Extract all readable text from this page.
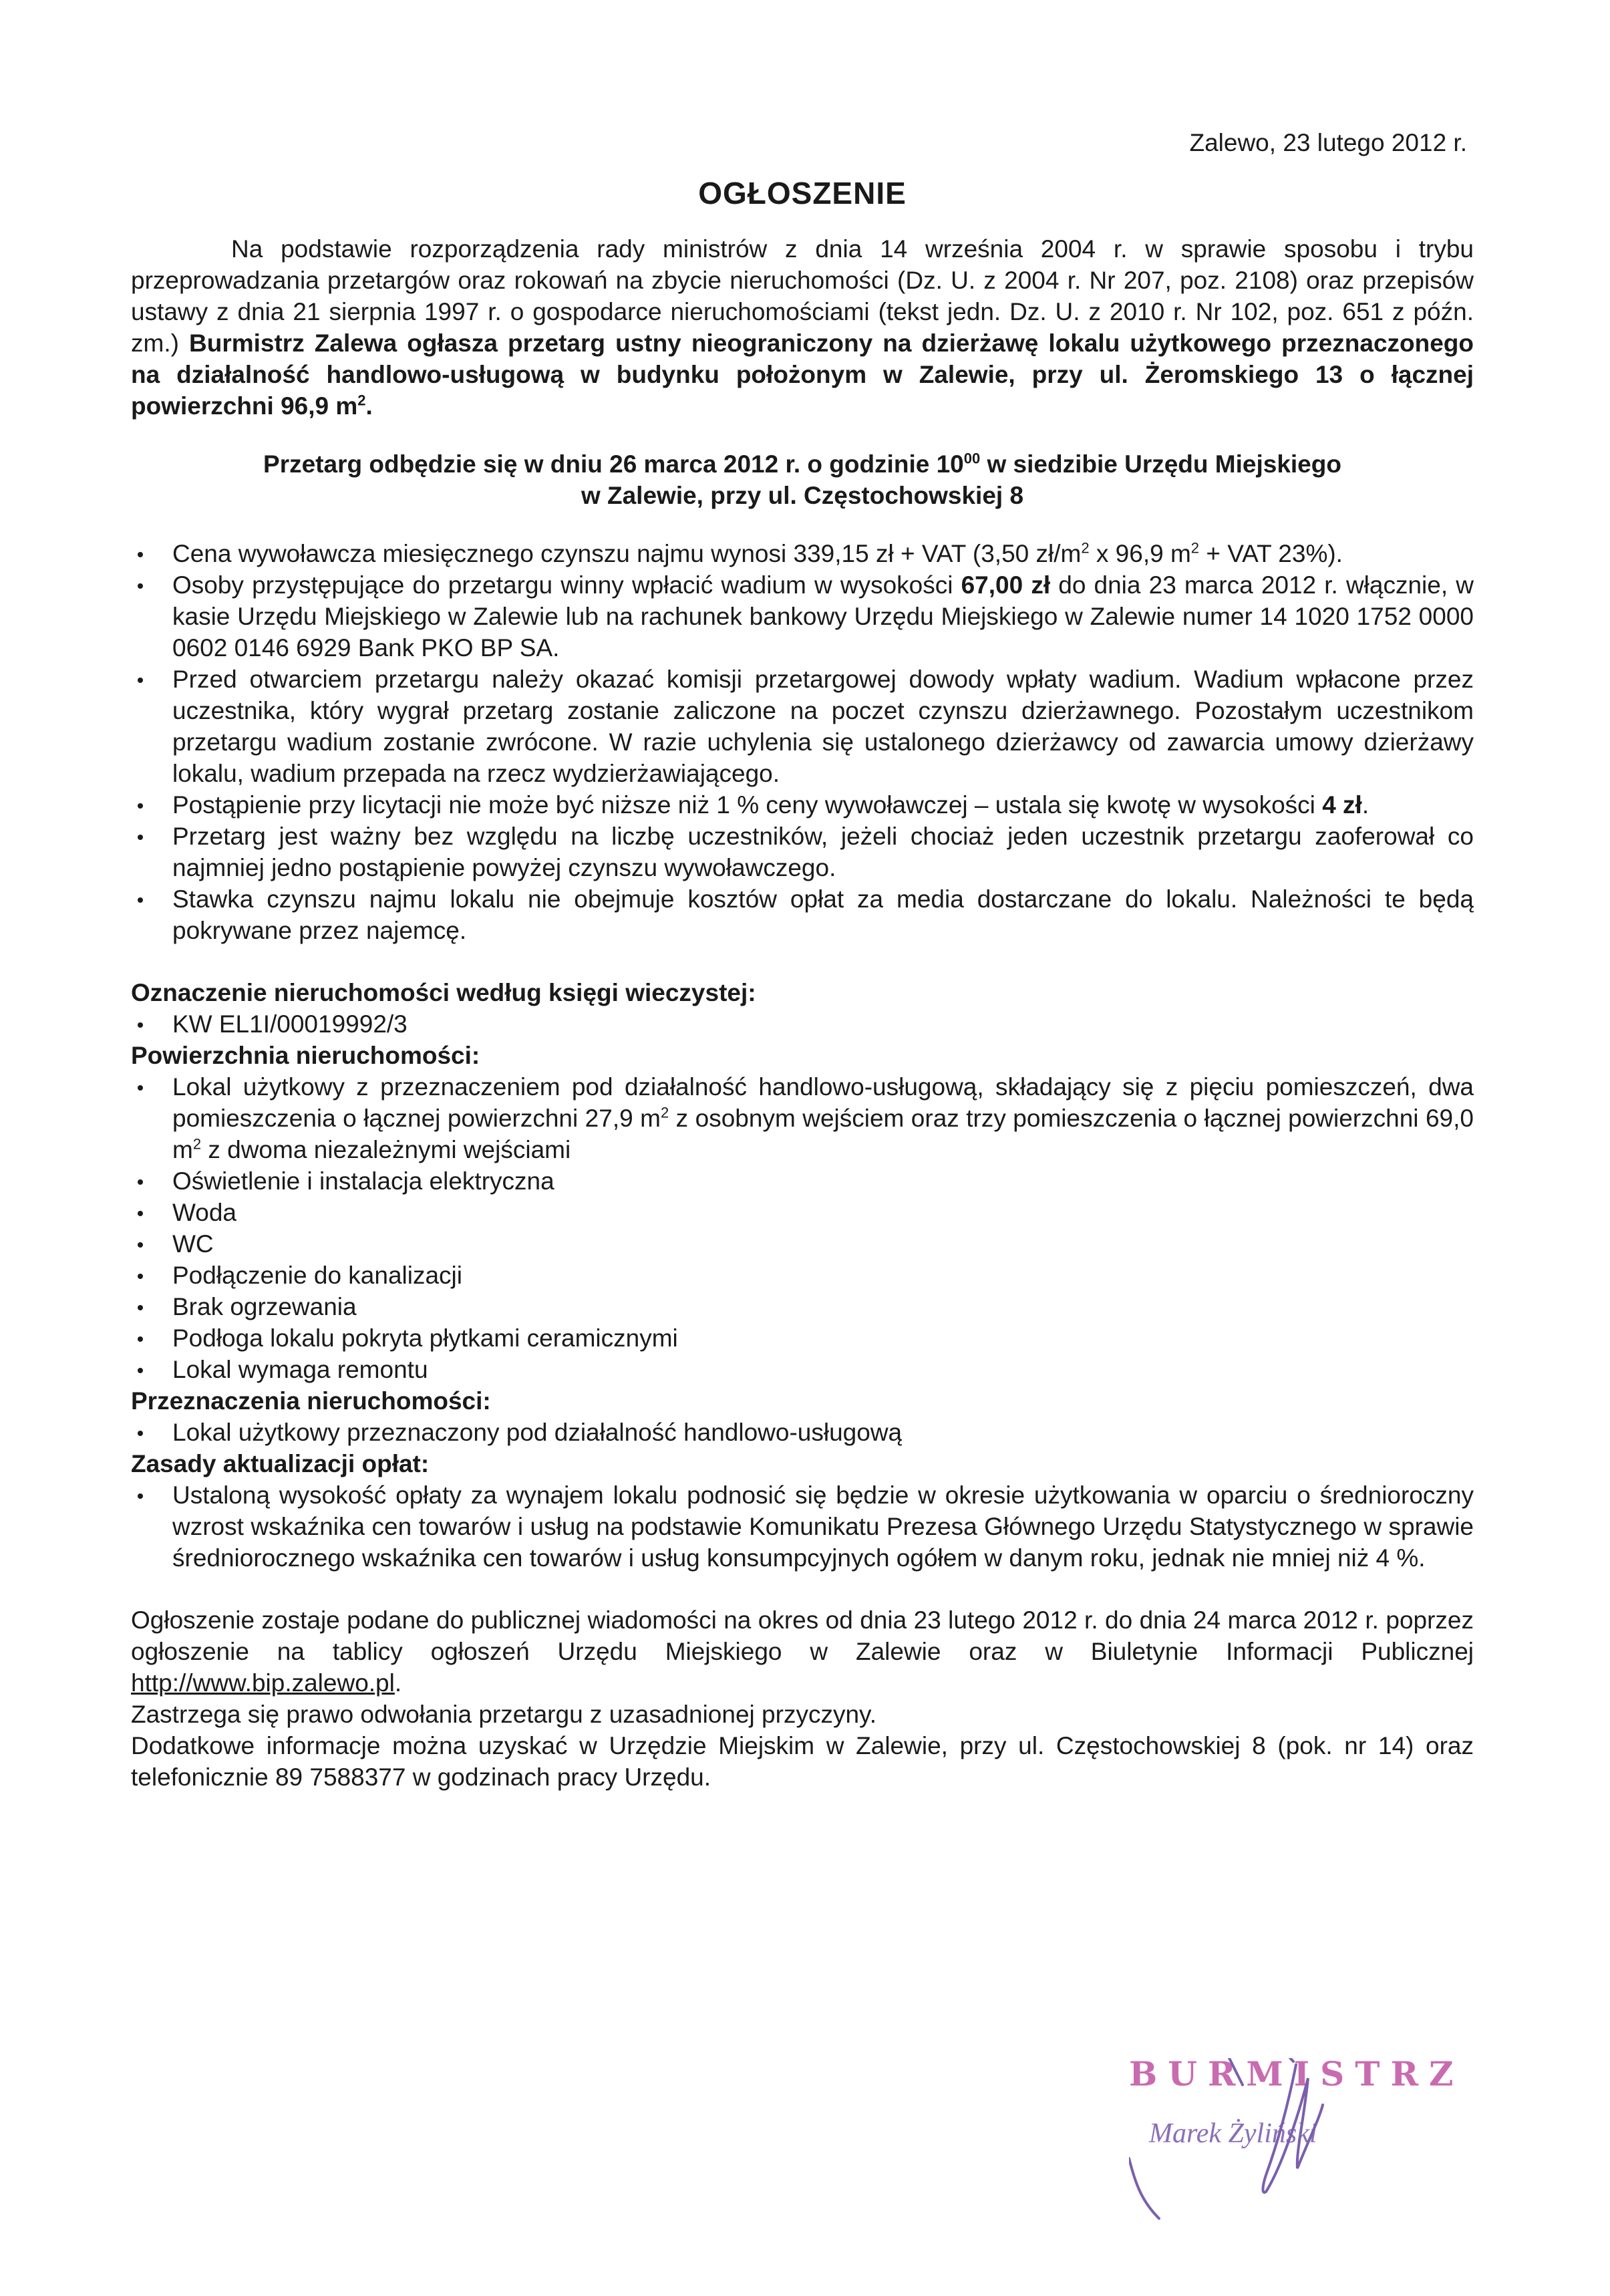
Zalewo, 23 lutego 2012 r.

OGŁOSZENIE

Na podstawie rozporządzenia rady ministrów z dnia 14 września 2004 r. w sprawie sposobu i trybu przeprowadzania przetargów oraz rokowań na zbycie nieruchomości (Dz. U. z 2004 r. Nr 207, poz. 2108) oraz przepisów ustawy z dnia 21 sierpnia 1997 r. o gospodarce nieruchomościami (tekst jedn. Dz. U. z 2010 r. Nr 102, poz. 651 z późn. zm.) Burmistrz Zalewa ogłasza przetarg ustny nieograniczony na dzierżawę lokalu użytkowego przeznaczonego na działalność handlowo-usługową w budynku położonym w Zalewie, przy ul. Żeromskiego 13 o łącznej powierzchni 96,9 $m^2$.

Przetarg odbędzie się w dniu 26 marca 2012 r. o godzinie $10^{00}$ w siedzibie Urzędu Miejskiego

w Zalewie, przy ul. Częstochowskiej 8

Cena wywoławcza miesięcznego czynszu najmu wynosi 339,15 zł + VAT (3,50 $zł/m^2$ x 96,9 $m^2$ + VAT 23%).
Osoby przystępujące do przetargu winny wpłacić wadium w wysokości 67,00 zł do dnia 23 marca 2012 r. włącznie, w kasie Urzędu Miejskiego w Zalewie lub na rachunek bankowy Urzędu Miejskiego w Zalewie numer 14 1020 1752 0000 0602 0146 6929 Bank PKO BP SA.
Przed otwarciem przetargu należy okazać komisji przetargowej dowody wpłaty wadium. Wadium wpłacone przez uczestnika, który wygrał przetarg zostanie zaliczone na poczet czynszu dzierżawnego. Pozostałym uczestnikom przetargu wadium zostanie zwrócone. W razie uchylenia się ustalonego dzierżawcy od zawarcia umowy dzierżawy lokalu, wadium przepada na rzecz wydzierżawiającego.
Postąpienie przy licytacji nie może być niższe niż 1 % ceny wywoławczej – ustala się kwotę w wysokości 4 zł.
Przetarg jest ważny bez względu na liczbę uczestników, jeżeli chociaż jeden uczestnik przetargu zaoferował co najmniej jedno postąpienie powyżej czynszu wywoławczego.
Stawka czynszu najmu lokalu nie obejmuje kosztów opłat za media dostarczane do lokalu. Należności te będą pokrywane przez najemcę.

Oznaczenie nieruchomości według księgi wieczystej:

KW EL1I/00019992/3

Powierzchnia nieruchomości:

Lokal użytkowy z przeznaczeniem pod działalność handlowo-usługową, składający się z pięciu pomieszczeń, dwa pomieszczenia o łącznej powierzchni 27,9 $m^2$ z osobnym wejściem oraz trzy pomieszczenia o łącznej powierzchni 69,0 $m^2$ z dwoma niezależnymi wejściami
Oświetlenie i instalacja elektryczna
Woda
WC
Podłączenie do kanalizacji
Brak ogrzewania
Podłoga lokalu pokryta płytkami ceramicznymi
Lokal wymaga remontu

Przeznaczenia nieruchomości:

Lokal użytkowy przeznaczony pod działalność handlowo-usługową

Zasady aktualizacji opłat:

Ustaloną wysokość opłaty za wynajem lokalu podnosić się będzie w okresie użytkowania w oparciu o średnioroczny wzrost wskaźnika cen towarów i usług na podstawie Komunikatu Prezesa Głównego Urzędu Statystycznego w sprawie średniorocznego wskaźnika cen towarów i usług konsumpcyjnych ogółem w danym roku, jednak nie mniej niż 4 %.

Ogłoszenie zostaje podane do publicznej wiadomości na okres od dnia 23 lutego 2012 r. do dnia 24 marca 2012 r. poprzez ogłoszenie na tablicy ogłoszeń Urzędu Miejskiego w Zalewie oraz w Biuletynie Informacji Publicznej http://www.bip.zalewo.pl.

Zastrzega się prawo odwołania przetargu z uzasadnionej przyczyny.

Dodatkowe informacje można uzyskać w Urzędzie Miejskim w Zalewie, przy ul. Częstochowskiej 8 (pok. nr 14) oraz telefonicznie 89 7588377 w godzinach pracy Urzędu.

BURMISTRZ
Marek Żyliński
